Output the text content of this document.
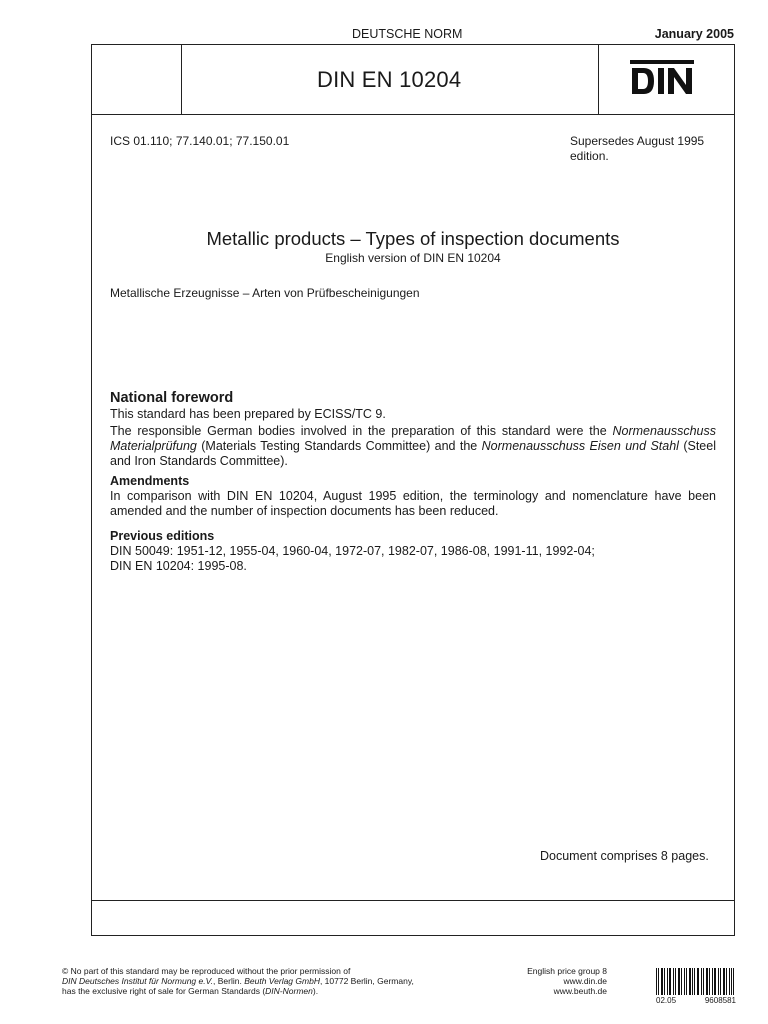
DEUTSCHE NORM	January 2005
DIN EN 10204
ICS 01.110; 77.140.01; 77.150.01	Supersedes August 1995 edition.
Metallic products – Types of inspection documents
English version of DIN EN 10204
Metallische Erzeugnisse – Arten von Prüfbescheinigungen
National foreword

This standard has been prepared by ECISS/TC 9.

The responsible German bodies involved in the preparation of this standard were the Normenausschuss Materialprüfung (Materials Testing Standards Committee) and the Normenausschuss Eisen und Stahl (Steel and Iron Standards Committee).

Amendments

In comparison with DIN EN 10204, August 1995 edition, the terminology and nomenclature have been amended and the number of inspection documents has been reduced.

Previous editions

DIN 50049: 1951-12, 1955-04, 1960-04, 1972-07, 1982-07, 1986-08, 1991-11, 1992-04;

DIN EN 10204: 1995-08.

Document comprises 8 pages.
© No part of this standard may be reproduced without the prior permission of
DIN Deutsches Institut für Normung e.V., Berlin. Beuth Verlag GmbH, 10772 Berlin, Germany,
has the exclusive right of sale for German Standards (DIN-Normen).
English price group 8
www.din.de
www.beuth.de
02.05	9608581
